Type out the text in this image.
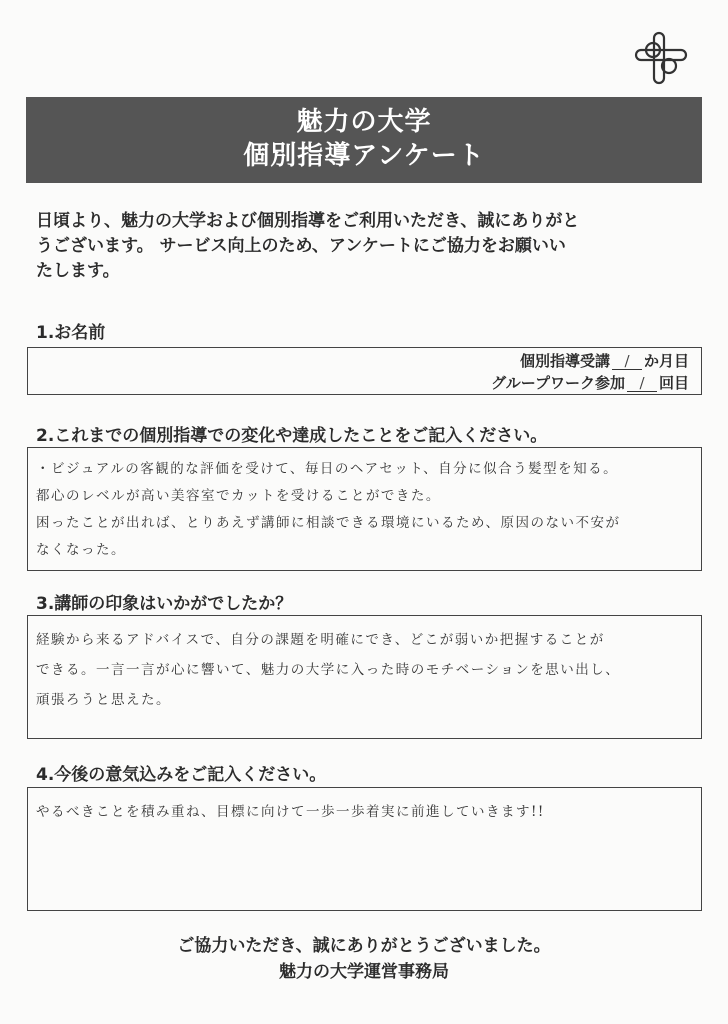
魅力の大学
個別指導アンケート
日頃より、魅力の大学および個別指導をご利用いただき、誠にありがと
うございます。 サービス向上のため、アンケートにご協力をお願いい
たします。
1.お名前
個別指導受講 / か月目
グループワーク参加 / 回目
2.これまでの個別指導での変化や達成したことをご記入ください。
・ビジュアルの客観的な評価を受けて、毎日のヘアセット、自分に似合う髪型を知る。
都心のレベルが高い美容室でカットを受けることができた。
困ったことが出れば、とりあえず講師に相談できる環境にいるため、原因のない不安が
なくなった。
3.講師の印象はいかがでしたか？
経験から来るアドバイスで、自分の課題を明確にでき、どこが弱いか把握することが
できる。一言一言が心に響いて、魅力の大学に入った時のモチベーションを思い出し、
頑張ろうと思えた。
4.今後の意気込みをご記入ください。
やるべきことを積み重ね、目標に向けて一歩一歩着実に前進していきます!!
ご協力いただき、誠にありがとうございました。
魅力の大学運営事務局
